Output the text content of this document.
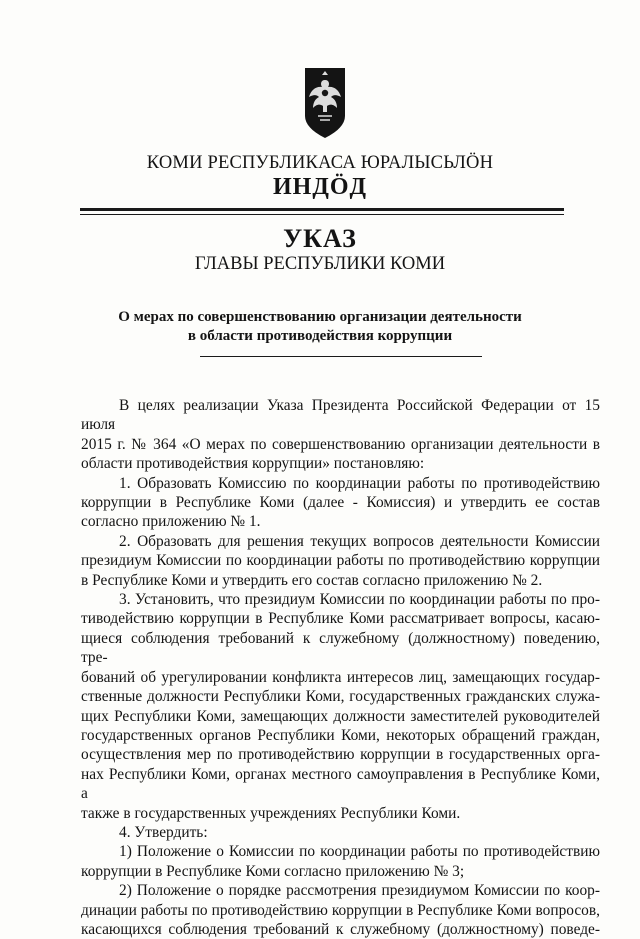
КОМИ РЕСПУБЛИКАСА ЮРАЛЫСЬЛÖН
ИНДÖД
УКАЗ
ГЛАВЫ РЕСПУБЛИКИ КОМИ
О мерах по совершенствованию организации деятельности
в области противодействия коррупции

В целях реализации Указа Президента Российской Федерации от 15 июля

2015 г. № 364 «О мерах по совершенствованию организации деятельности в

области противодействия коррупции» постановляю:

1. Образовать Комиссию по координации работы по противодействию

коррупции в Республике Коми (далее - Комиссия) и утвердить ее состав

согласно приложению № 1.

2. Образовать для решения текущих вопросов деятельности Комиссии

президиум Комиссии по координации работы по противодействию коррупции

в Республике Коми и утвердить его состав согласно приложению № 2.

3. Установить, что президиум Комиссии по координации работы по про-

тиводействию коррупции в Республике Коми рассматривает вопросы, касаю-

щиеся соблюдения требований к служебному (должностному) поведению, тре-

бований об урегулировании конфликта интересов лиц, замещающих государ-

ственные должности Республики Коми, государственных гражданских служа-

щих Республики Коми, замещающих должности заместителей руководителей

государственных органов Республики Коми, некоторых обращений граждан,

осуществления мер по противодействию коррупции в государственных орга-

нах Республики Коми, органах местного самоуправления в Республике Коми, а

также в государственных учреждениях Республики Коми.

4. Утвердить:

1) Положение о Комиссии по координации работы по противодействию

коррупции в Республике Коми согласно приложению № 3;

2) Положение о порядке рассмотрения президиумом Комиссии по коор-

динации работы по противодействию коррупции в Республике Коми вопросов,

касающихся соблюдения требований к служебному (должностному) поведе-
